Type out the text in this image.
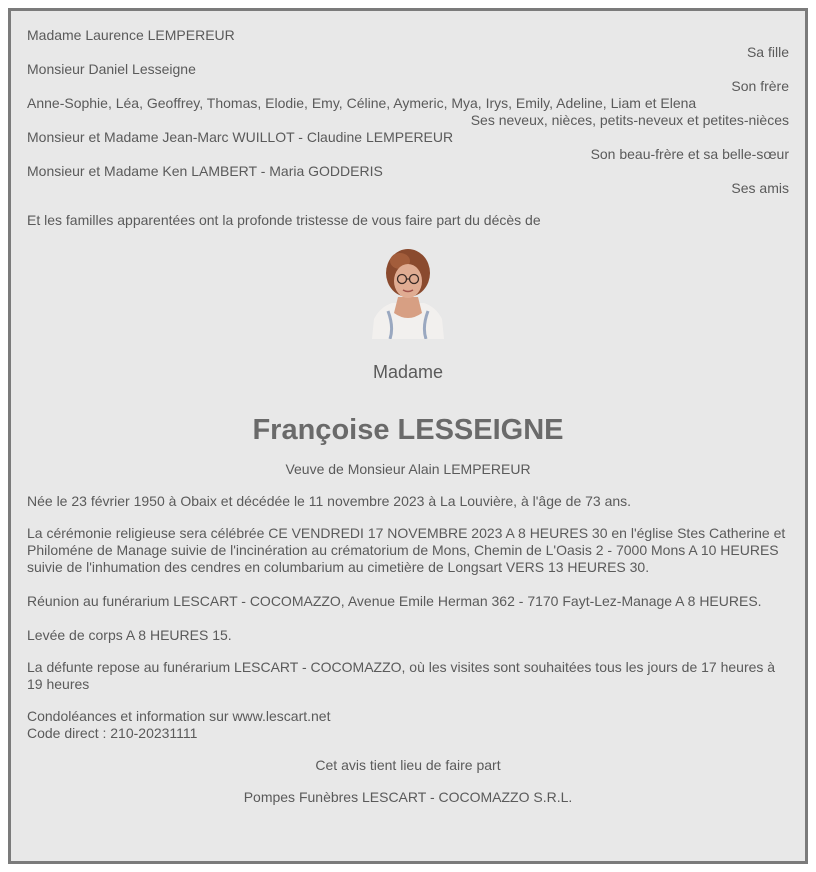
Madame Laurence LEMPEREUR
Sa fille
Monsieur Daniel Lesseigne
Son frère
Anne-Sophie, Léa, Geoffrey, Thomas, Elodie, Emy, Céline, Aymeric, Mya, Irys, Emily, Adeline, Liam et Elena
Ses neveux, nièces, petits-neveux et petites-nièces
Monsieur et Madame Jean-Marc WUILLOT - Claudine LEMPEREUR
Son beau-frère et sa belle-sœur
Monsieur et Madame Ken LAMBERT - Maria GODDERIS
Ses amis
Et les familles apparentées ont la profonde tristesse de vous faire part du décès de
Madame
Françoise LESSEIGNE
Veuve de Monsieur Alain LEMPEREUR
Née le 23 février 1950 à Obaix et décédée le 11 novembre 2023 à La Louvière, à l'âge de 73 ans.
La cérémonie religieuse sera célébrée CE VENDREDI 17 NOVEMBRE 2023 A 8 HEURES 30 en l'église Stes Catherine et Philoméne de Manage suivie de l'incinération au crématorium de Mons, Chemin de L'Oasis 2 - 7000 Mons A 10 HEURES suivie de l'inhumation des cendres en columbarium au cimetière de Longsart VERS 13 HEURES 30.
Réunion au funérarium LESCART - COCOMAZZO, Avenue Emile Herman 362 - 7170 Fayt-Lez-Manage A 8 HEURES.
Levée de corps A 8 HEURES 15.
La défunte repose au funérarium LESCART - COCOMAZZO, où les visites sont souhaitées tous les jours de 17 heures à 19 heures
Condoléances et information sur www.lescart.net
Code direct : 210-20231111
Cet avis tient lieu de faire part
Pompes Funèbres LESCART - COCOMAZZO S.R.L.
